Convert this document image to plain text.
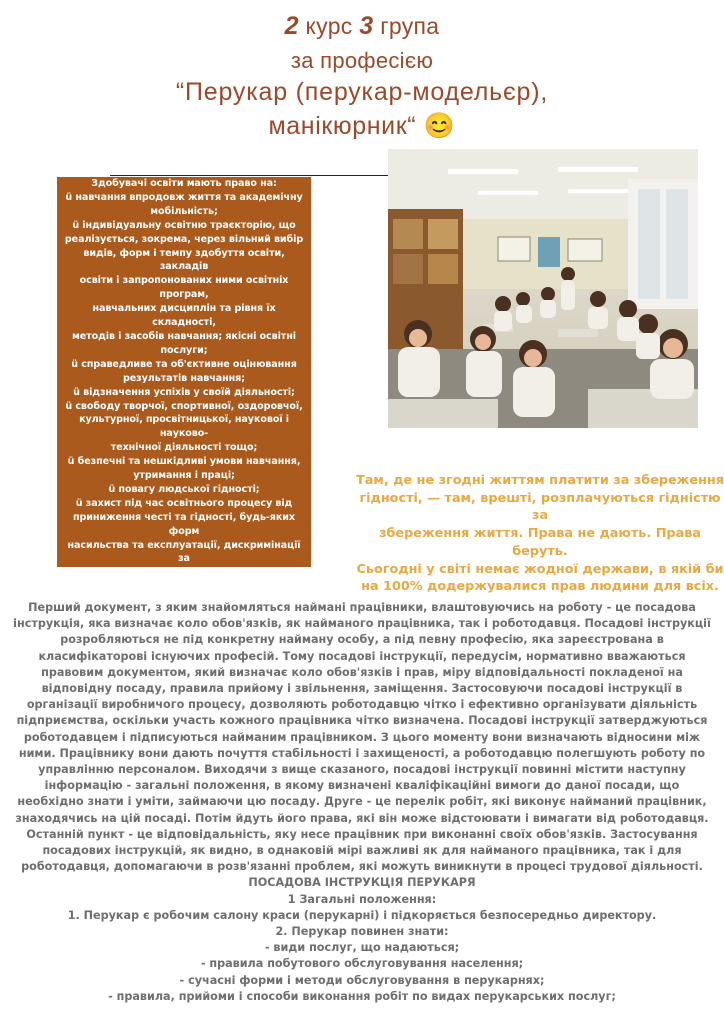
2 курс 3 група
за професією
“Перукар (перукар-модельєр),
манікюрник“ 😊

Здобувачі освіти мають право на:

ü навчання впродовж життя та академічну

мобільність;

ü індивідуальну освітню траєкторію, що

реалізується, зокрема, через вільний вибір

видів, форм і темпу здобуття освіти, закладів

освіти і запропонованих ними освітніх програм,

навчальних дисциплін та рівня їх складності,

методів і засобів навчання; якісні освітні послуги;

ü справедливе та об'єктивне оцінювання

результатів навчання;

ü відзначення успіхів у своїй діяльності;

ü свободу творчої, спортивної, оздоровчої,

культурної, просвітницької, наукової і науково-

технічної діяльності тощо;

ü безпечні та нешкідливі умови навчання,

утримання і праці;

ü повагу людської гідності;

ü захист під час освітнього процесу від

приниження честі та гідності, будь-яких форм

насильства та експлуатації, дискримінації за

Там, де не згодні життям платити за збереження
гідності, — там, врешті, розплачуються гідністю за
збереження життя. Права не дають. Права беруть.
Сьогодні у світі немає жодної держави, в якій би
на 100% додержувалися прав людини для всіх.

Перший документ, з яким знайомляться наймані працівники, влаштовуючись на роботу - це посадова

інструкція, яка визначає коло обов'язків, як найманого працівника, так і роботодавця. Посадові інструкції

розробляються не під конкретну найману особу, а під певну професію, яка зареєстрована в

класифікаторові існуючих професій. Тому посадові інструкції, передусім, нормативно вважаються

правовим документом, який визначає коло обов'язків і прав, міру відповідальності покладеної на

відповідну посаду, правила прийому і звільнення, заміщення. Застосовуючи посадові інструкції в

організації виробничого процесу, дозволяють роботодавцю чітко і ефективно організувати діяльність

підприємства, оскільки участь кожного працівника чітко визначена. Посадові інструкції затверджуються

роботодавцем і підписуються найманим працівником. З цього моменту вони визначають відносини між

ними. Працівнику вони дають почуття стабільності і захищеності, а роботодавцю полегшують роботу по

управлінню персоналом. Виходячи з вище сказаного, посадові інструкції повинні містити наступну

інформацію - загальні положення, в якому визначені кваліфікаційні вимоги до даної посади, що

необхідно знати і уміти, займаючи цю посаду. Друге - це перелік робіт, які виконує найманий працівник,

знаходячись на цій посаді. Потім йдуть його права, які він може відстоювати і вимагати від роботодавця.

Останній пункт - це відповідальність, яку несе працівник при виконанні своїх обов'язків. Застосування

посадових інструкцій, як видно, в однаковій мірі важливі як для найманого працівника, так і для

роботодавця, допомагаючи в розв'язанні проблем, які можуть виникнути в процесі трудової діяльності.

ПОСАДОВА ІНСТРУКЦІЯ ПЕРУКАРЯ

1 Загальні положення:

1. Перукар є робочим салону краси (перукарні) і підкоряється безпосередньо директору.

2. Перукар повинен знати:

- види послуг, що надаються;

- правила побутового обслуговування населення;

- сучасні форми і методи обслуговування в перукарнях;

- правила, прийоми і способи виконання робіт по видах перукарських послуг;
